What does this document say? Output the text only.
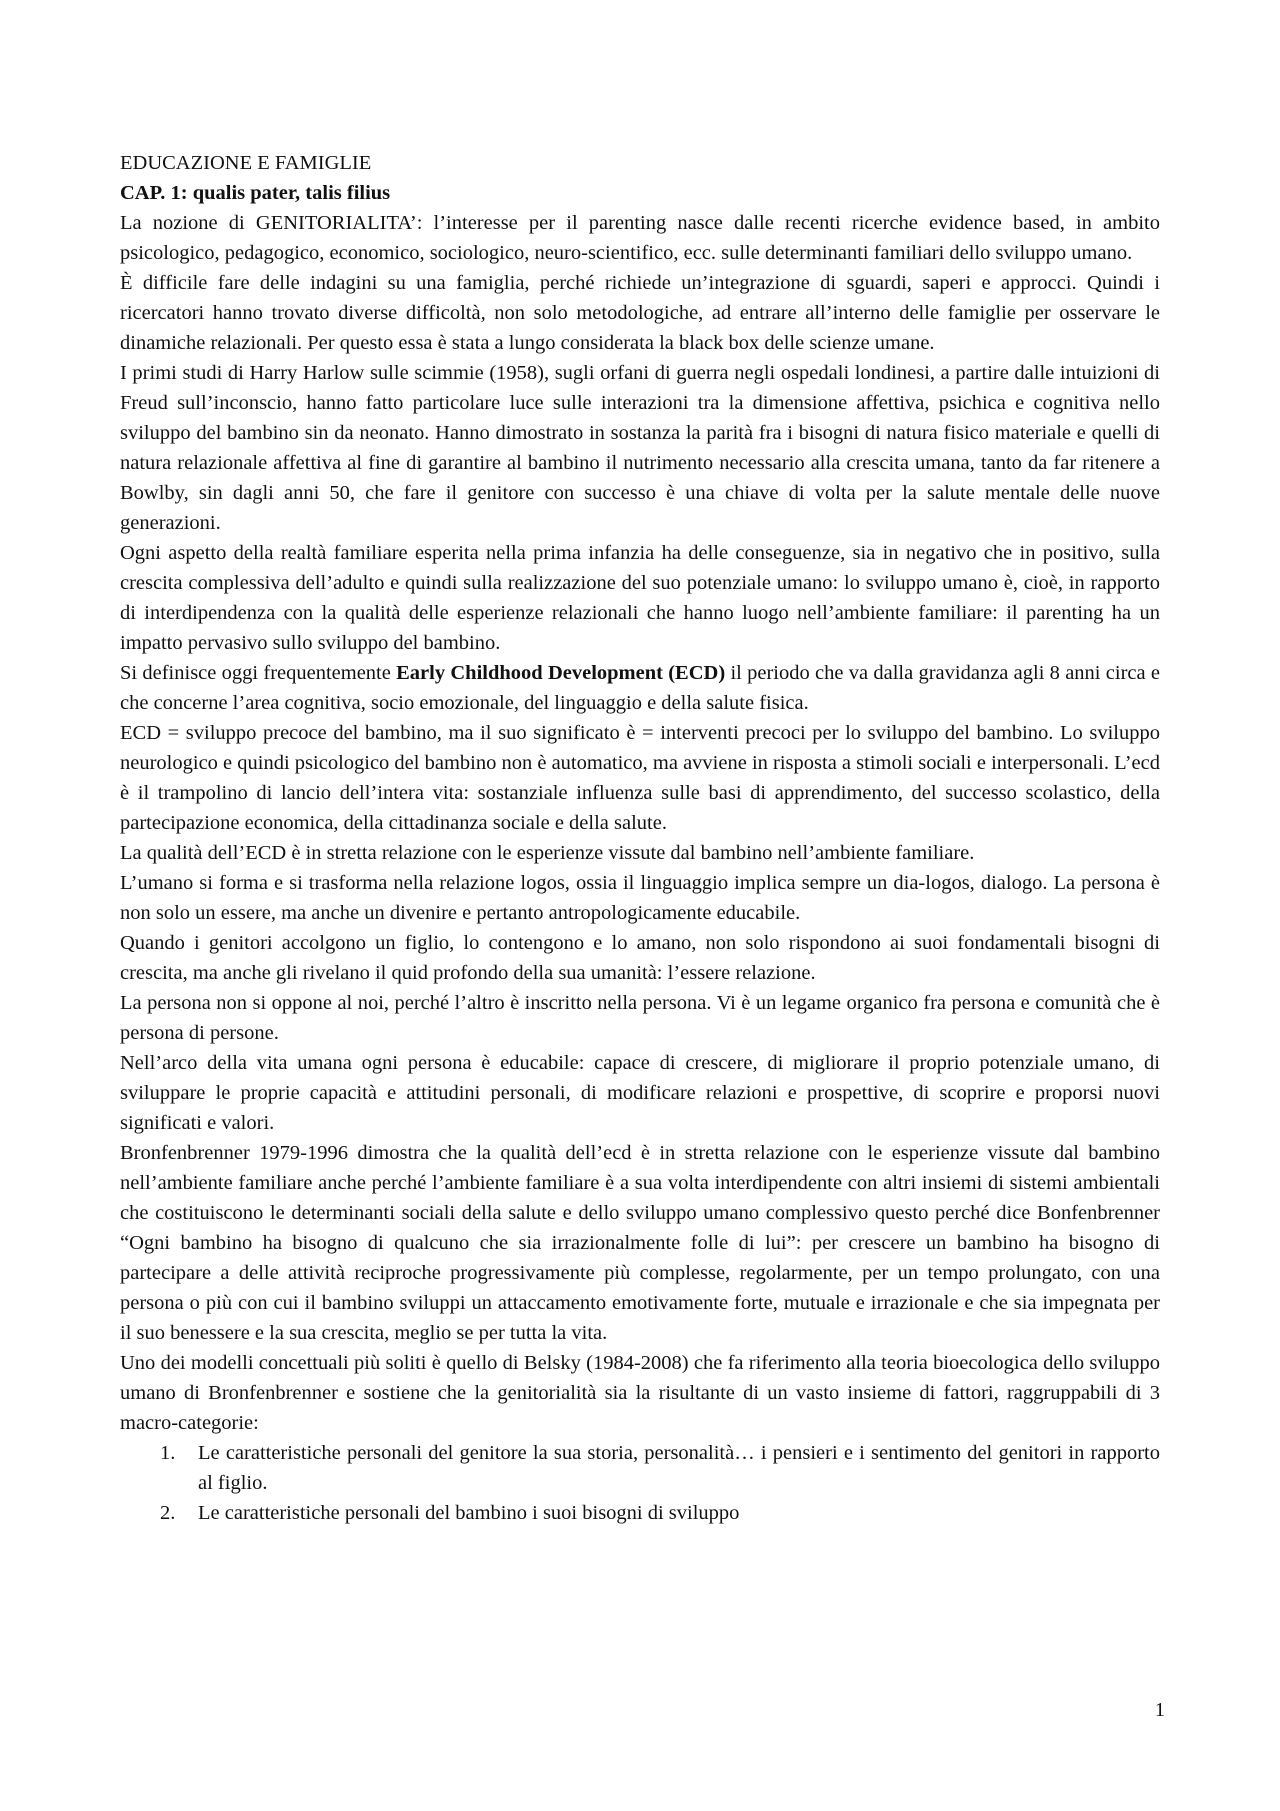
EDUCAZIONE E FAMIGLIE
CAP. 1: qualis pater, talis filius

La nozione di GENITORIALITA’: l’interesse per il parenting nasce dalle recenti ricerche evidence based, in ambito psicologico, pedagogico, economico, sociologico, neuro-scientifico, ecc. sulle determinanti familiari dello sviluppo umano.

È difficile fare delle indagini su una famiglia, perché richiede un’integrazione di sguardi, saperi e approcci. Quindi i ricercatori hanno trovato diverse difficoltà, non solo metodologiche, ad entrare all’interno delle famiglie per osservare le dinamiche relazionali. Per questo essa è stata a lungo considerata la black box delle scienze umane.

I primi studi di Harry Harlow sulle scimmie (1958), sugli orfani di guerra negli ospedali londinesi, a partire dalle intuizioni di Freud sull’inconscio, hanno fatto particolare luce sulle interazioni tra la dimensione affettiva, psichica e cognitiva nello sviluppo del bambino sin da neonato. Hanno dimostrato in sostanza la parità fra i bisogni di natura fisico materiale e quelli di natura relazionale affettiva al fine di garantire al bambino il nutrimento necessario alla crescita umana, tanto da far ritenere a Bowlby, sin dagli anni 50, che fare il genitore con successo è una chiave di volta per la salute mentale delle nuove generazioni.

Ogni aspetto della realtà familiare esperita nella prima infanzia ha delle conseguenze, sia in negativo che in positivo, sulla crescita complessiva dell’adulto e quindi sulla realizzazione del suo potenziale umano: lo sviluppo umano è, cioè, in rapporto di interdipendenza con la qualità delle esperienze relazionali che hanno luogo nell’ambiente familiare: il parenting ha un impatto pervasivo sullo sviluppo del bambino.

Si definisce oggi frequentemente Early Childhood Development (ECD) il periodo che va dalla gravidanza agli 8 anni circa e che concerne l’area cognitiva, socio emozionale, del linguaggio e della salute fisica.

ECD = sviluppo precoce del bambino, ma il suo significato è = interventi precoci per lo sviluppo del bambino. Lo sviluppo neurologico e quindi psicologico del bambino non è automatico, ma avviene in risposta a stimoli sociali e interpersonali. L’ecd è il trampolino di lancio dell’intera vita: sostanziale influenza sulle basi di apprendimento, del successo scolastico, della partecipazione economica, della cittadinanza sociale e della salute.

La qualità dell’ECD è in stretta relazione con le esperienze vissute dal bambino nell’ambiente familiare.

L’umano si forma e si trasforma nella relazione logos, ossia il linguaggio implica sempre un dia-logos, dialogo. La persona è non solo un essere, ma anche un divenire e pertanto antropologicamente educabile.

Quando i genitori accolgono un figlio, lo contengono e lo amano, non solo rispondono ai suoi fondamentali bisogni di crescita, ma anche gli rivelano il quid profondo della sua umanità: l’essere relazione.

La persona non si oppone al noi, perché l’altro è inscritto nella persona. Vi è un legame organico fra persona e comunità che è persona di persone.

Nell’arco della vita umana ogni persona è educabile: capace di crescere, di migliorare il proprio potenziale umano, di sviluppare le proprie capacità e attitudini personali, di modificare relazioni e prospettive, di scoprire e proporsi nuovi significati e valori.

Bronfenbrenner 1979-1996 dimostra che la qualità dell’ecd è in stretta relazione con le esperienze vissute dal bambino nell’ambiente familiare anche perché l’ambiente familiare è a sua volta interdipendente con altri insiemi di sistemi ambientali che costituiscono le determinanti sociali della salute e dello sviluppo umano complessivo questo perché dice Bonfenbrenner “Ogni bambino ha bisogno di qualcuno che sia irrazionalmente folle di lui”: per crescere un bambino ha bisogno di partecipare a delle attività reciproche progressivamente più complesse, regolarmente, per un tempo prolungato, con una persona o più con cui il bambino sviluppi un attaccamento emotivamente forte, mutuale e irrazionale e che sia impegnata per il suo benessere e la sua crescita, meglio se per tutta la vita.

Uno dei modelli concettuali più soliti è quello di Belsky (1984-2008) che fa riferimento alla teoria bioecologica dello sviluppo umano di Bronfenbrenner e sostiene che la genitorialità sia la risultante di un vasto insieme di fattori, raggruppabili di 3 macro-categorie:

1. Le caratteristiche personali del genitore la sua storia, personalità… i pensieri e i sentimento del genitori in rapporto al figlio.
2. Le caratteristiche personali del bambino i suoi bisogni di sviluppo
1
